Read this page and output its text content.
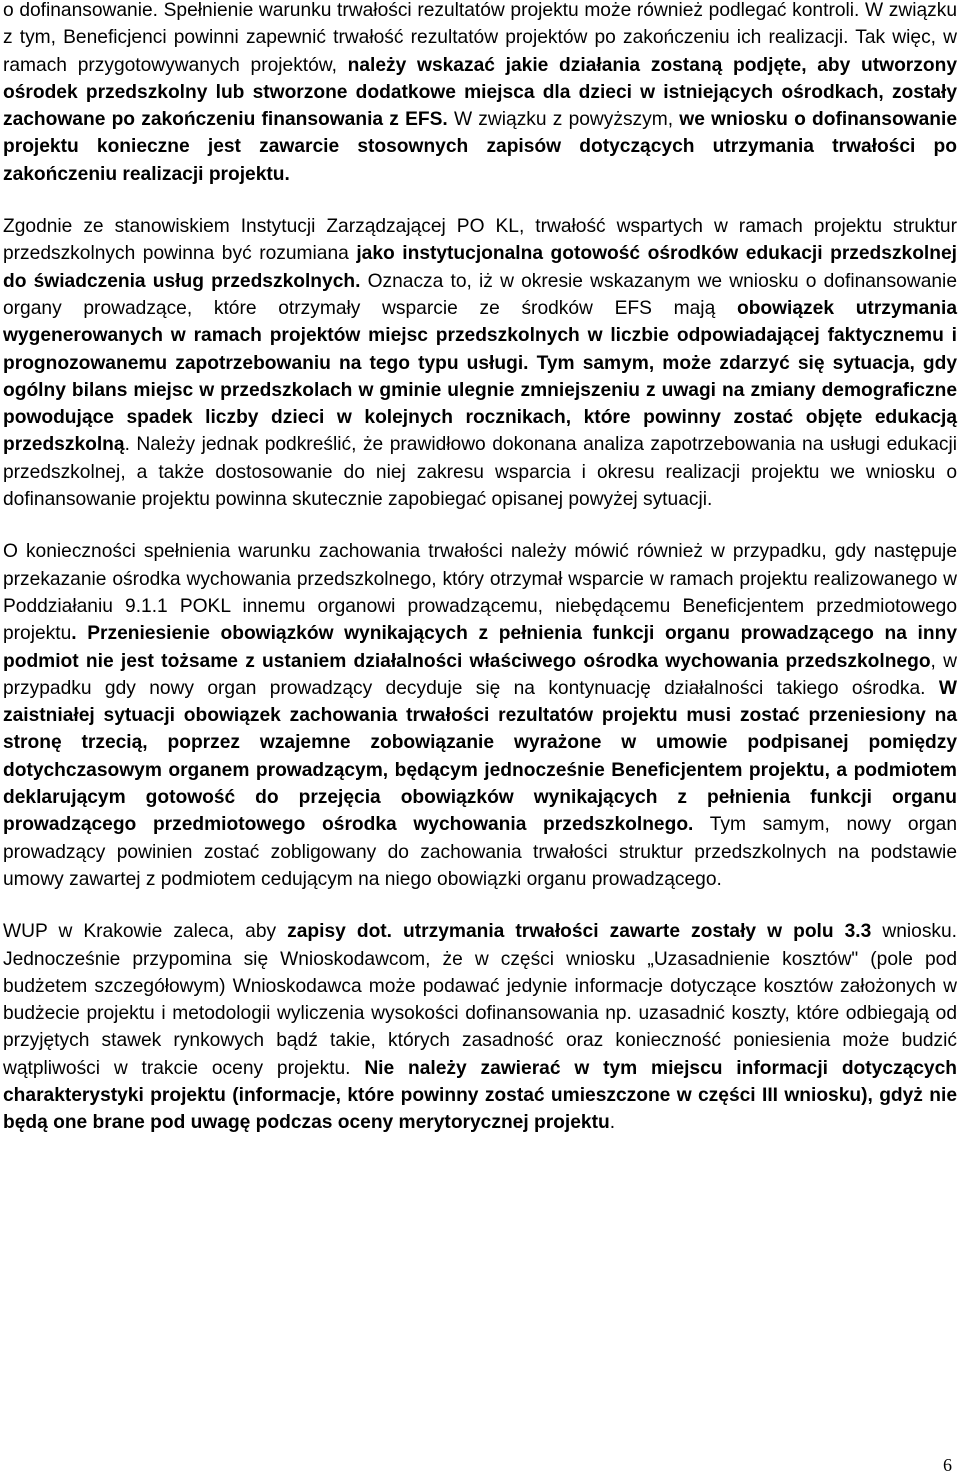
o dofinansowanie. Spełnienie warunku trwałości rezultatów projektu może również podlegać kontroli. W związku z tym, Beneficjenci powinni zapewnić trwałość rezultatów projektów po zakończeniu ich realizacji. Tak więc, w ramach przygotowywanych projektów, należy wskazać jakie działania zostaną podjęte, aby utworzony ośrodek przedszkolny lub stworzone dodatkowe miejsca dla dzieci w istniejących ośrodkach, zostały zachowane po zakończeniu finansowania z EFS. W związku z powyższym, we wniosku o dofinansowanie projektu konieczne jest zawarcie stosownych zapisów dotyczących utrzymania trwałości po zakończeniu realizacji projektu.

Zgodnie ze stanowiskiem Instytucji Zarządzającej PO KL, trwałość wspartych w ramach projektu struktur przedszkolnych powinna być rozumiana jako instytucjonalna gotowość ośrodków edukacji przedszkolnej do świadczenia usług przedszkolnych. Oznacza to, iż w okresie wskazanym we wniosku o dofinansowanie organy prowadzące, które otrzymały wsparcie ze środków EFS mają obowiązek utrzymania wygenerowanych w ramach projektów miejsc przedszkolnych w liczbie odpowiadającej faktycznemu i prognozowanemu zapotrzebowaniu na tego typu usługi. Tym samym, może zdarzyć się sytuacja, gdy ogólny bilans miejsc w przedszkolach w gminie ulegnie zmniejszeniu z uwagi na zmiany demograficzne powodujące spadek liczby dzieci w kolejnych rocznikach, które powinny zostać objęte edukacją przedszkolną. Należy jednak podkreślić, że prawidłowo dokonana analiza zapotrzebowania na usługi edukacji przedszkolnej, a także dostosowanie do niej zakresu wsparcia i okresu realizacji projektu we wniosku o dofinansowanie projektu powinna skutecznie zapobiegać opisanej powyżej sytuacji.

O konieczności spełnienia warunku zachowania trwałości należy mówić również w przypadku, gdy następuje przekazanie ośrodka wychowania przedszkolnego, który otrzymał wsparcie w ramach projektu realizowanego w Poddziałaniu 9.1.1 POKL innemu organowi prowadzącemu, niebędącemu Beneficjentem przedmiotowego projektu. Przeniesienie obowiązków wynikających z pełnienia funkcji organu prowadzącego na inny podmiot nie jest tożsame z ustaniem działalności właściwego ośrodka wychowania przedszkolnego, w przypadku gdy nowy organ prowadzący decyduje się na kontynuację działalności takiego ośrodka. W zaistniałej sytuacji obowiązek zachowania trwałości rezultatów projektu musi zostać przeniesiony na stronę trzecią, poprzez wzajemne zobowiązanie wyrażone w umowie podpisanej pomiędzy dotychczasowym organem prowadzącym, będącym jednocześnie Beneficjentem projektu, a podmiotem deklarującym gotowość do przejęcia obowiązków wynikających z pełnienia funkcji organu prowadzącego przedmiotowego ośrodka wychowania przedszkolnego. Tym samym, nowy organ prowadzący powinien zostać zobligowany do zachowania trwałości struktur przedszkolnych na podstawie umowy zawartej z podmiotem cedującym na niego obowiązki organu prowadzącego.

WUP w Krakowie zaleca, aby zapisy dot. utrzymania trwałości zawarte zostały w polu 3.3 wniosku. Jednocześnie przypomina się Wnioskodawcom, że w części wniosku „Uzasadnienie kosztów" (pole pod budżetem szczegółowym) Wnioskodawca może podawać jedynie informacje dotyczące kosztów założonych w budżecie projektu i metodologii wyliczenia wysokości dofinansowania np. uzasadnić koszty, które odbiegają od przyjętych stawek rynkowych bądź takie, których zasadność oraz konieczność poniesienia może budzić wątpliwości w trakcie oceny projektu. Nie należy zawierać w tym miejscu informacji dotyczących charakterystyki projektu (informacje, które powinny zostać umieszczone w części III wniosku), gdyż nie będą one brane pod uwagę podczas oceny merytorycznej projektu.

6
